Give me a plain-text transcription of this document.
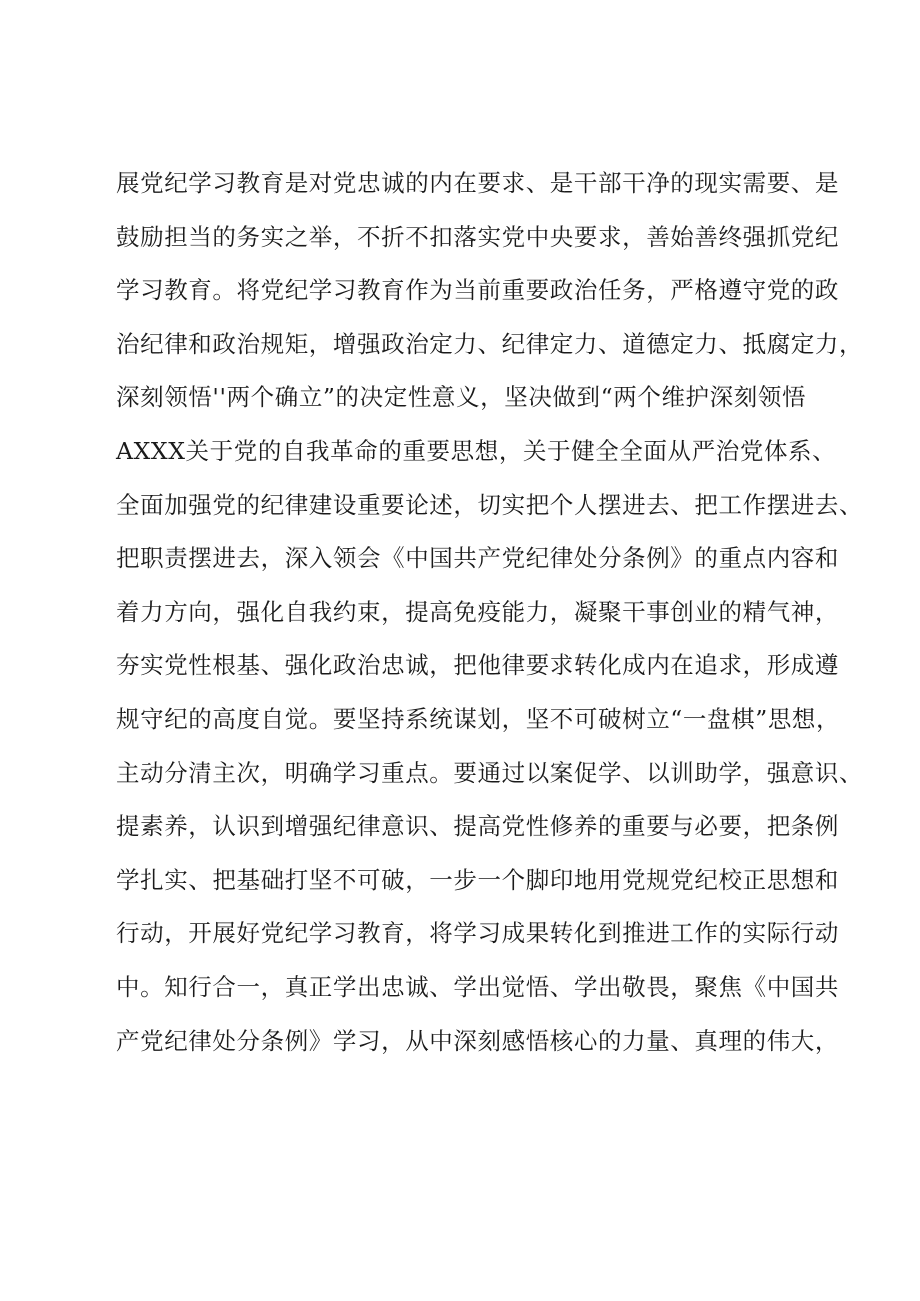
展党纪学习教育是对党忠诚的内在要求、是干部干净的现实需要、是
鼓励担当的务实之举，不折不扣落实党中央要求，善始善终强抓党纪
学习教育。将党纪学习教育作为当前重要政治任务，严格遵守党的政
治纪律和政治规矩，增强政治定力、纪律定力、道德定力、抵腐定力，
深刻领悟''两个确立”的决定性意义，坚决做到“两个维护深刻领悟
AXXX关于党的自我革命的重要思想，关于健全全面从严治党体系、
全面加强党的纪律建设重要论述，切实把个人摆进去、把工作摆进去、
把职责摆进去，深入领会《中国共产党纪律处分条例》的重点内容和
着力方向，强化自我约束，提高免疫能力，凝聚干事创业的精气神，
夯实党性根基、强化政治忠诚，把他律要求转化成内在追求，形成遵
规守纪的高度自觉。要坚持系统谋划，坚不可破树立“一盘棋”思想，
主动分清主次，明确学习重点。要通过以案促学、以训助学，强意识、
提素养，认识到增强纪律意识、提高党性修养的重要与必要，把条例
学扎实、把基础打坚不可破，一步一个脚印地用党规党纪校正思想和
行动，开展好党纪学习教育，将学习成果转化到推进工作的实际行动
中。知行合一，真正学出忠诚、学出觉悟、学出敬畏，聚焦《中国共
产党纪律处分条例》学习，从中深刻感悟核心的力量、真理的伟大，
